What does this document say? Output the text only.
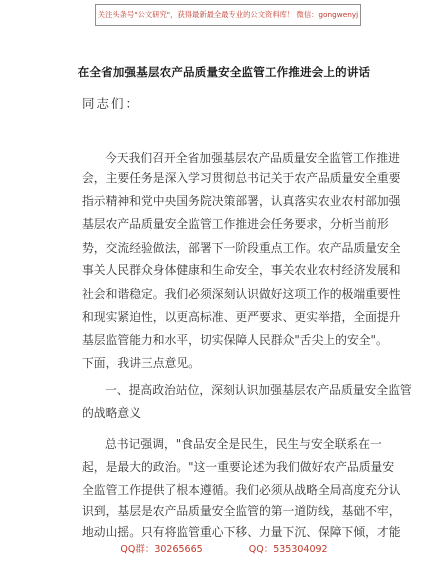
关注头条号"公文研究"，获得最新最全最专业的公文资料库！ 微信：gongwenyj
在全省加强基层农产品质量安全监管工作推进会上的讲话
同志们：
今天我们召开全省加强基层农产品质量安全监管工作推进
会，主要任务是深入学习贯彻总书记关于农产品质量安全重要
指示精神和党中央国务院决策部署，认真落实农业农村部加强
基层农产品质量安全监管工作推进会任务要求，分析当前形
势，交流经验做法，部署下一阶段重点工作。农产品质量安全
事关人民群众身体健康和生命安全，事关农业农村经济发展和
社会和谐稳定。我们必须深刻认识做好这项工作的极端重要性
和现实紧迫性，以更高标准、更严要求、更实举措，全面提升
基层监管能力和水平，切实保障人民群众"舌尖上的安全"。
下面，我讲三点意见。
一、提高政治站位，深刻认识加强基层农产品质量安全监管
的战略意义
总书记强调，"食品安全是民生，民生与安全联系在一
起，是最大的政治。"这一重要论述为我们做好农产品质量安
全监管工作提供了根本遵循。我们必须从战略全局高度充分认
识到，基层是农产品质量安全监管的第一道防线，基础不牢，
地动山摇。只有将监管重心下移、力量下沉、保障下倾，才能
QQ群：30265665	QQ：535304092
